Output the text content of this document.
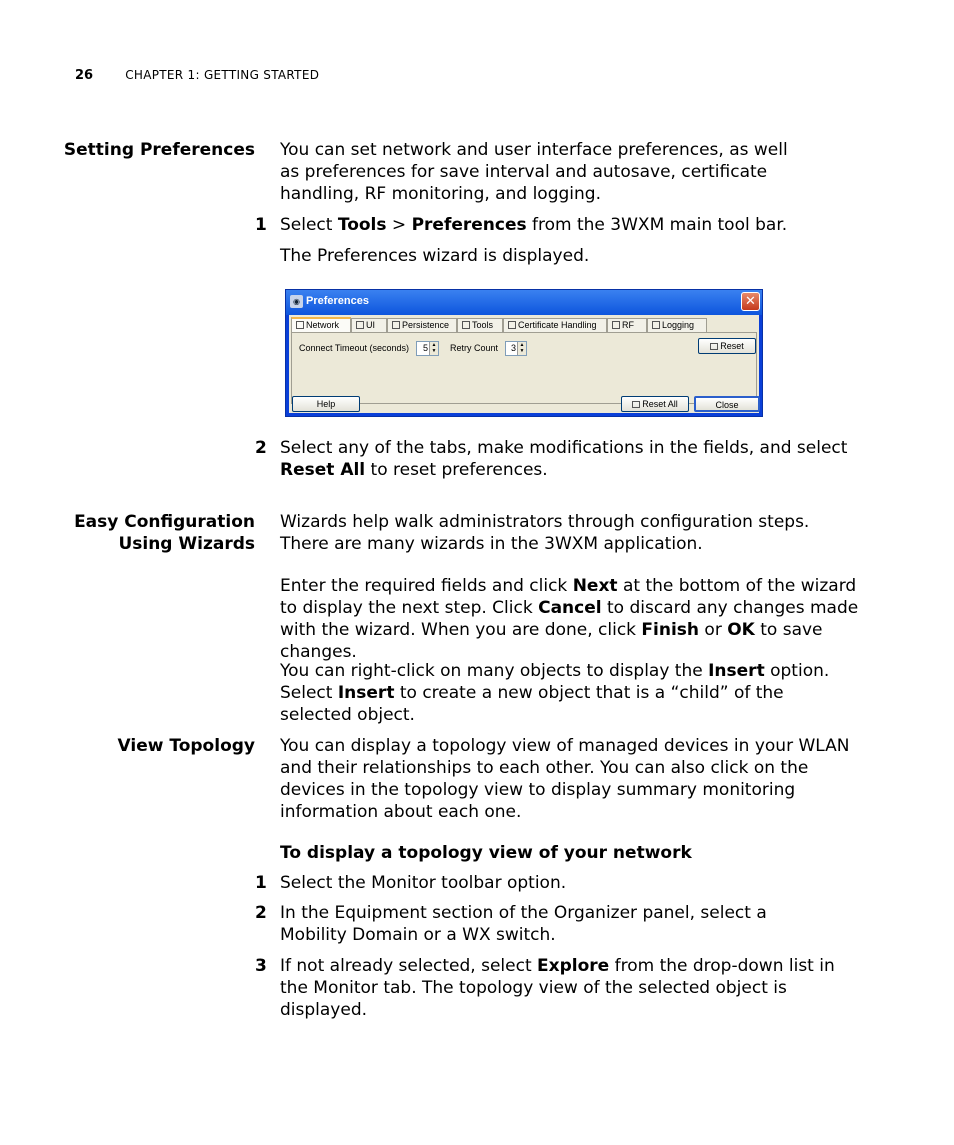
26	CHAPTER 1: GETTING STARTED
Setting Preferences You can set network and user interface preferences, as well as preferences for save interval and autosave, certificate handling, RF monitoring, and logging.
1 Select Tools > Preferences from the 3WXM main tool bar.
The Preferences wizard is displayed.
◉ Preferences	✕
Network	UI	Persistence	Tools	Certificate Handling	RF	Logging
Connect Timeout (seconds)	5 ▲
▼ Retry Count	3 ▲
▼	Reset
Help	Reset All	Close
2 Select any of the tabs, make modifications in the fields, and select Reset All to reset preferences.
Easy Configuration
Using Wizards
Wizards help walk administrators through configuration steps. There are many wizards in the 3WXM application.
Enter the required fields and click Next at the bottom of the wizard to display the next step. Click Cancel to discard any changes made with the wizard. When you are done, click Finish or OK to save changes.
You can right-click on many objects to display the Insert option. Select Insert to create a new object that is a “child” of the selected object.
View Topology You can display a topology view of managed devices in your WLAN and their relationships to each other. You can also click on the devices in the topology view to display summary monitoring information about each one.
To display a topology view of your network
1 Select the Monitor toolbar option.
2 In the Equipment section of the Organizer panel, select a Mobility Domain or a WX switch.
3 If not already selected, select Explore from the drop-down list in the Monitor tab. The topology view of the selected object is displayed.
